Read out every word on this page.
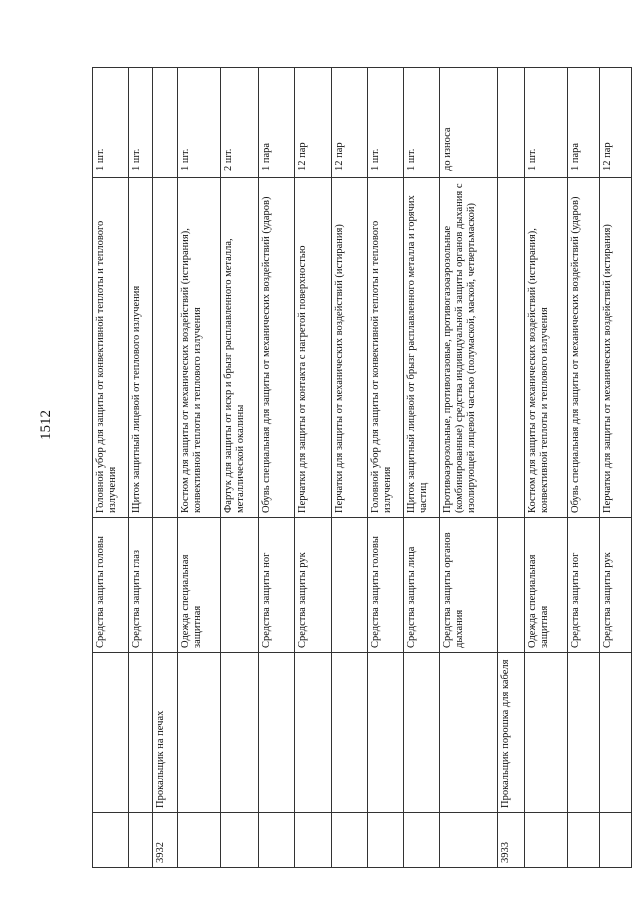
1512
		Средства защиты головы	Головной убор для защиты от конвективной теплоты и теплового излучения	1 шт.
		Средства защиты глаз	Щиток защитный лицевой от теплового излучения	1 шт.
3932	Прокальщик на печах			
		Одежда специальная защитная	Костюм для защиты от механических воздействий (истирания), конвективной теплоты и теплового излучения	1 шт.
			Фартук для защиты от искр и брызг расплавленного металла, металлической окалины	2 шт.
		Средства защиты ног	Обувь специальная для защиты от механических воздействий (ударов)	1 пара
		Средства защиты рук	Перчатки для защиты от контакта с нагретой поверхностью	12 пар
			Перчатки для защиты от механических воздействий (истирания)	12 пар
		Средства защиты головы	Головной убор для защиты от конвективной теплоты и теплового излучения	1 шт.
		Средства защиты лица	Щиток защитный лицевой от брызг расплавленного металла и горячих частиц	1 шт.
		Средства защиты органов дыхания	Противоаэрозольные, противогазовые, противогазоаэрозольные (комбинированные) средства индивидуальной защиты органов дыхания с изолирующей лицевой частью (полумаской, маской, четвертьмаской)	до износа
3933	Прокальщик порошка для кабеля			
		Одежда специальная защитная	Костюм для защиты от механических воздействий (истирания), конвективной теплоты и теплового излучения	1 шт.
		Средства защиты ног	Обувь специальная для защиты от механических воздействий (ударов)	1 пара
		Средства защиты рук	Перчатки для защиты от механических воздействий (истирания)	12 пар
